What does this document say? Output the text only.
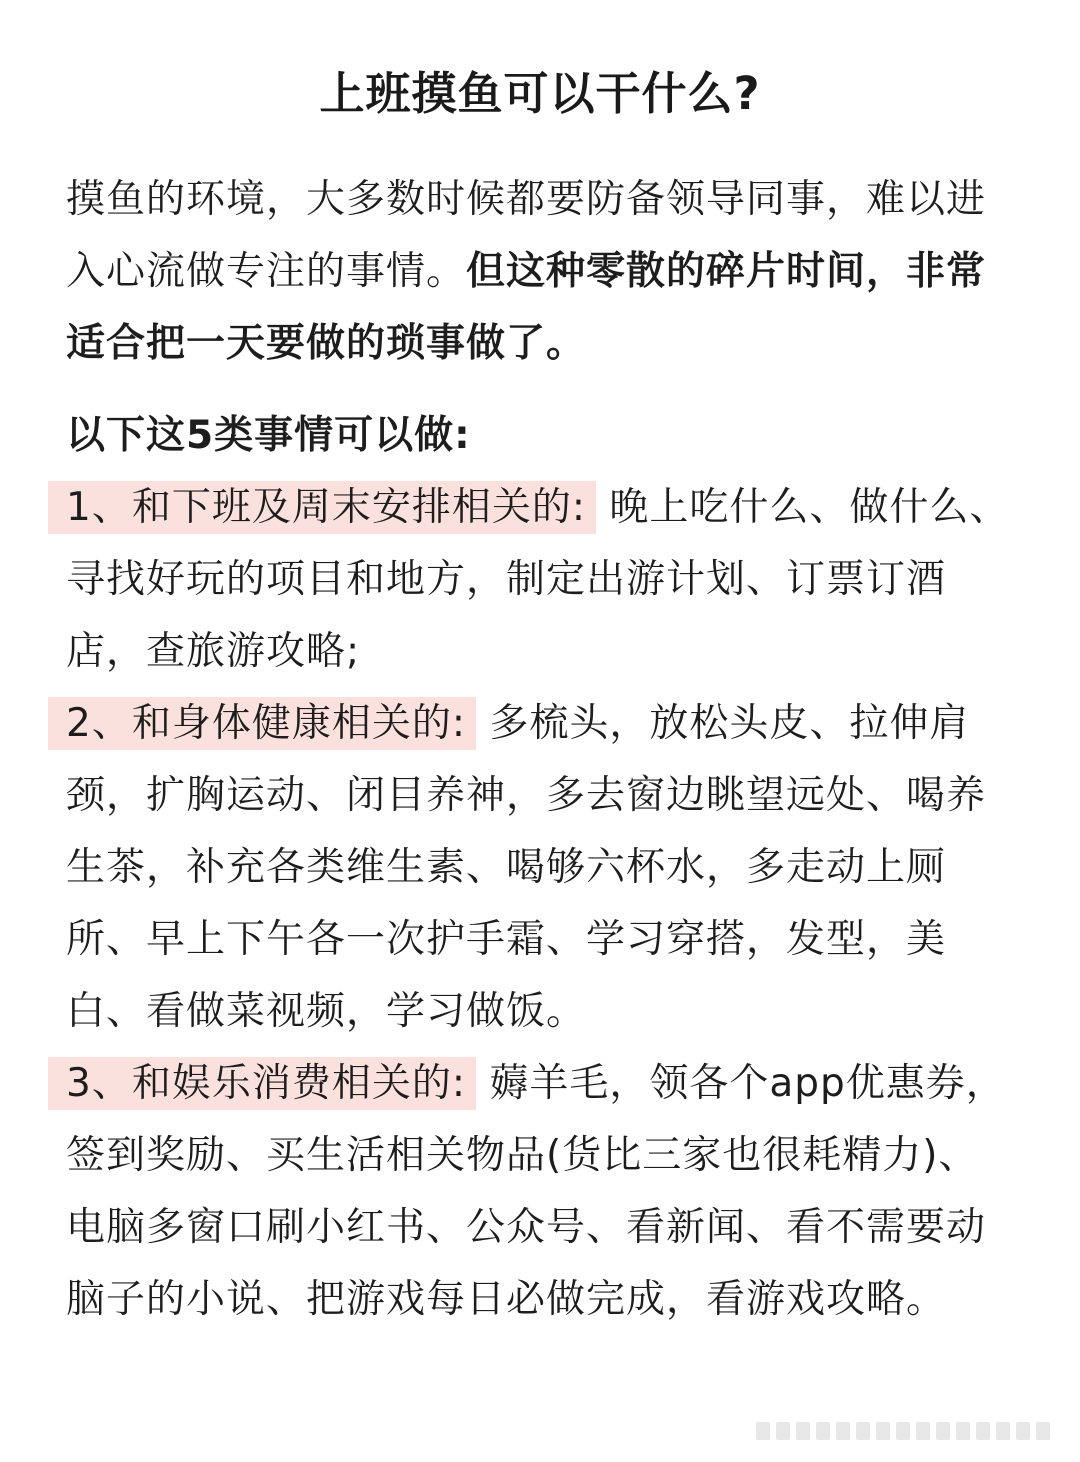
上班摸鱼可以干什么?

摸鱼的环境，大多数时候都要防备领导同事，难以进入心流做专注的事情。但这种零散的碎片时间，非常适合把一天要做的琐事做了。

以下这5类事情可以做:

1、和下班及周末安排相关的: 晚上吃什么、做什么、寻找好玩的项目和地方，制定出游计划、订票订酒店，查旅游攻略;

2、和身体健康相关的: 多梳头，放松头皮、拉伸肩颈，扩胸运动、闭目养神，多去窗边眺望远处、喝养生茶，补充各类维生素、喝够六杯水，多走动上厕所、早上下午各一次护手霜、学习穿搭，发型，美白、看做菜视频，学习做饭。

3、和娱乐消费相关的: 薅羊毛，领各个app优惠券，签到奖励、买生活相关物品(货比三家也很耗精力)、电脑多窗口刷小红书、公众号、看新闻、看不需要动脑子的小说、把游戏每日必做完成，看游戏攻略。
